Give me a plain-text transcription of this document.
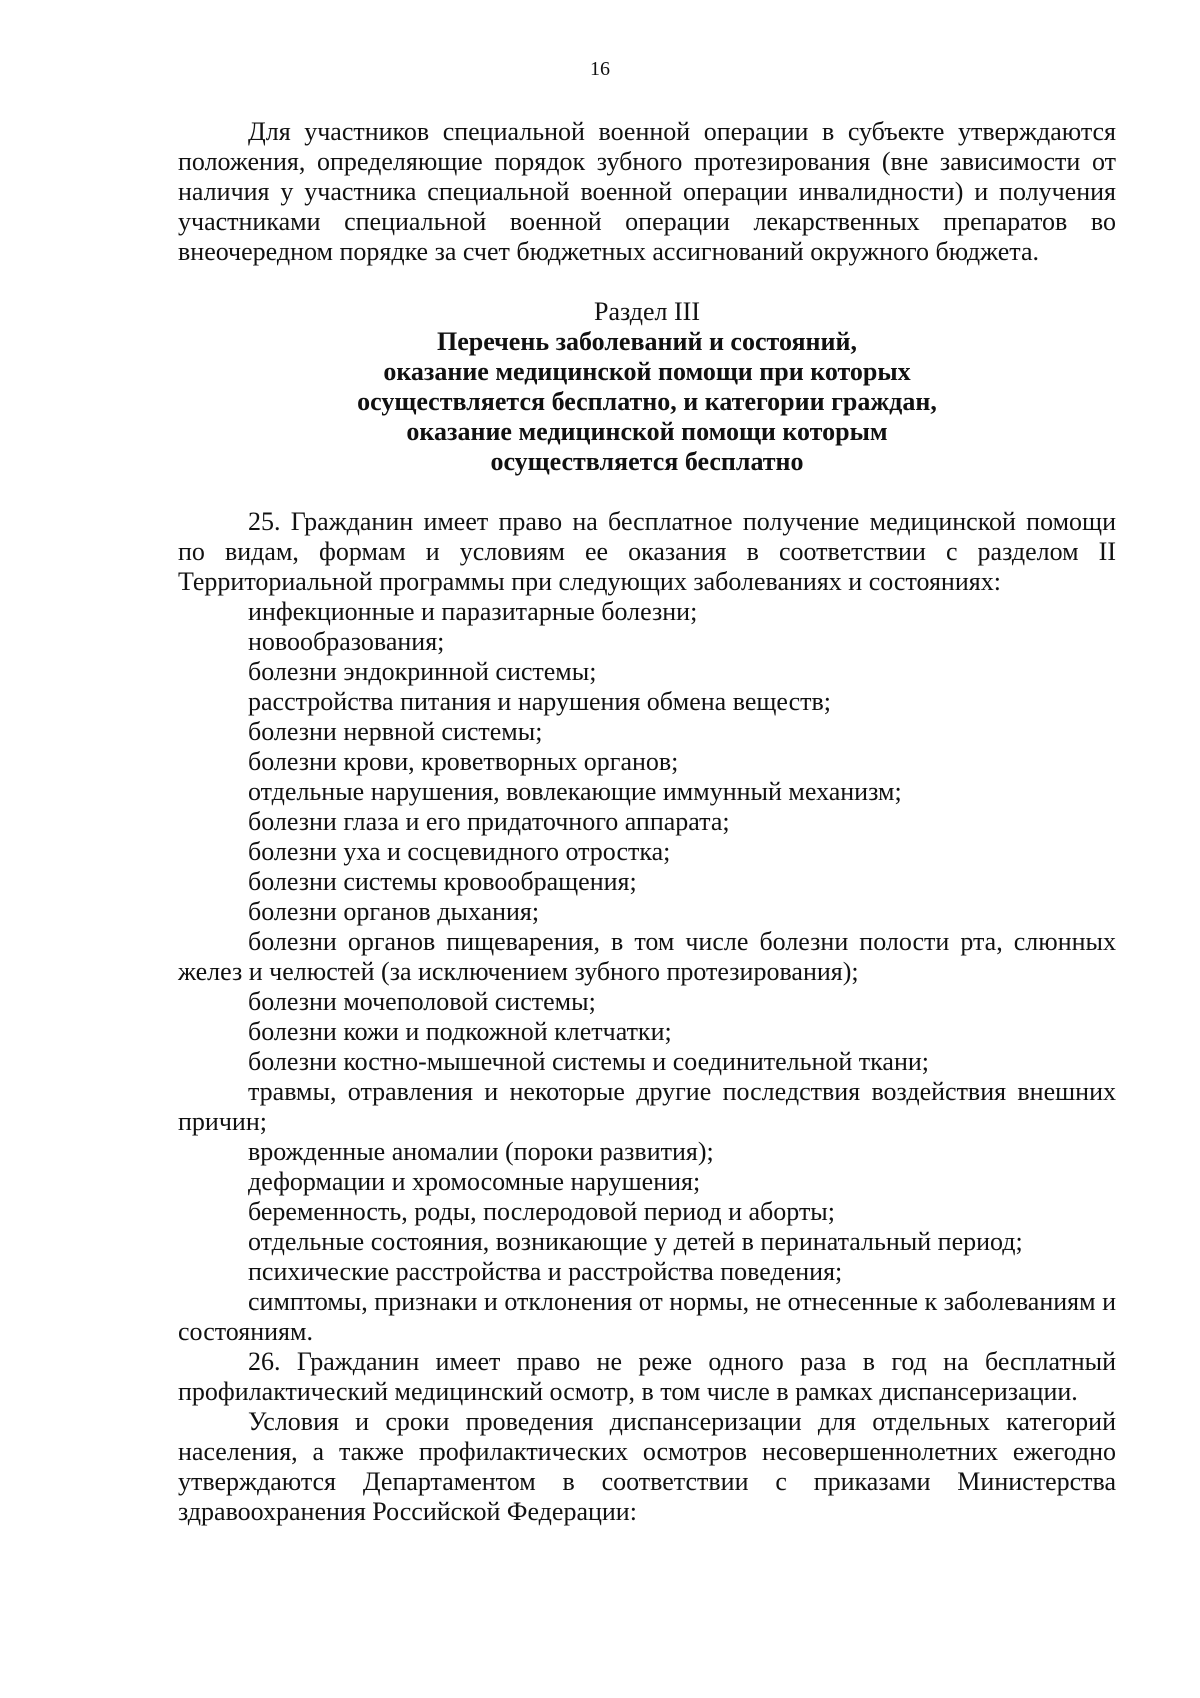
16

Для участников специальной военной операции в субъекте утверждаются положения, определяющие порядок зубного протезирования (вне зависимости от наличия у участника специальной военной операции инвалидности) и получения участниками специальной военной операции лекарственных препаратов во внеочередном порядке за счет бюджетных ассигнований окружного бюджета.

Раздел III
Перечень заболеваний и состояний,
оказание медицинской помощи при которых
осуществляется бесплатно, и категории граждан,
оказание медицинской помощи которым
осуществляется бесплатно

25. Гражданин имеет право на бесплатное получение медицинской помощи по видам, формам и условиям ее оказания в соответствии с разделом II Территориальной программы при следующих заболеваниях и состояниях:

инфекционные и паразитарные болезни;

новообразования;

болезни эндокринной системы;

расстройства питания и нарушения обмена веществ;

болезни нервной системы;

болезни крови, кроветворных органов;

отдельные нарушения, вовлекающие иммунный механизм;

болезни глаза и его придаточного аппарата;

болезни уха и сосцевидного отростка;

болезни системы кровообращения;

болезни органов дыхания;

болезни органов пищеварения, в том числе болезни полости рта, слюнных желез и челюстей (за исключением зубного протезирования);

болезни мочеполовой системы;

болезни кожи и подкожной клетчатки;

болезни костно-мышечной системы и соединительной ткани;

травмы, отравления и некоторые другие последствия воздействия внешних причин;

врожденные аномалии (пороки развития);

деформации и хромосомные нарушения;

беременность, роды, послеродовой период и аборты;

отдельные состояния, возникающие у детей в перинатальный период;

психические расстройства и расстройства поведения;

симптомы, признаки и отклонения от нормы, не отнесенные к заболеваниям и состояниям.

26. Гражданин имеет право не реже одного раза в год на бесплатный профилактический медицинский осмотр, в том числе в рамках диспансеризации.

Условия и сроки проведения диспансеризации для отдельных категорий населения, а также профилактических осмотров несовершеннолетних ежегодно утверждаются Департаментом в соответствии с приказами Министерства здравоохранения Российской Федерации:
